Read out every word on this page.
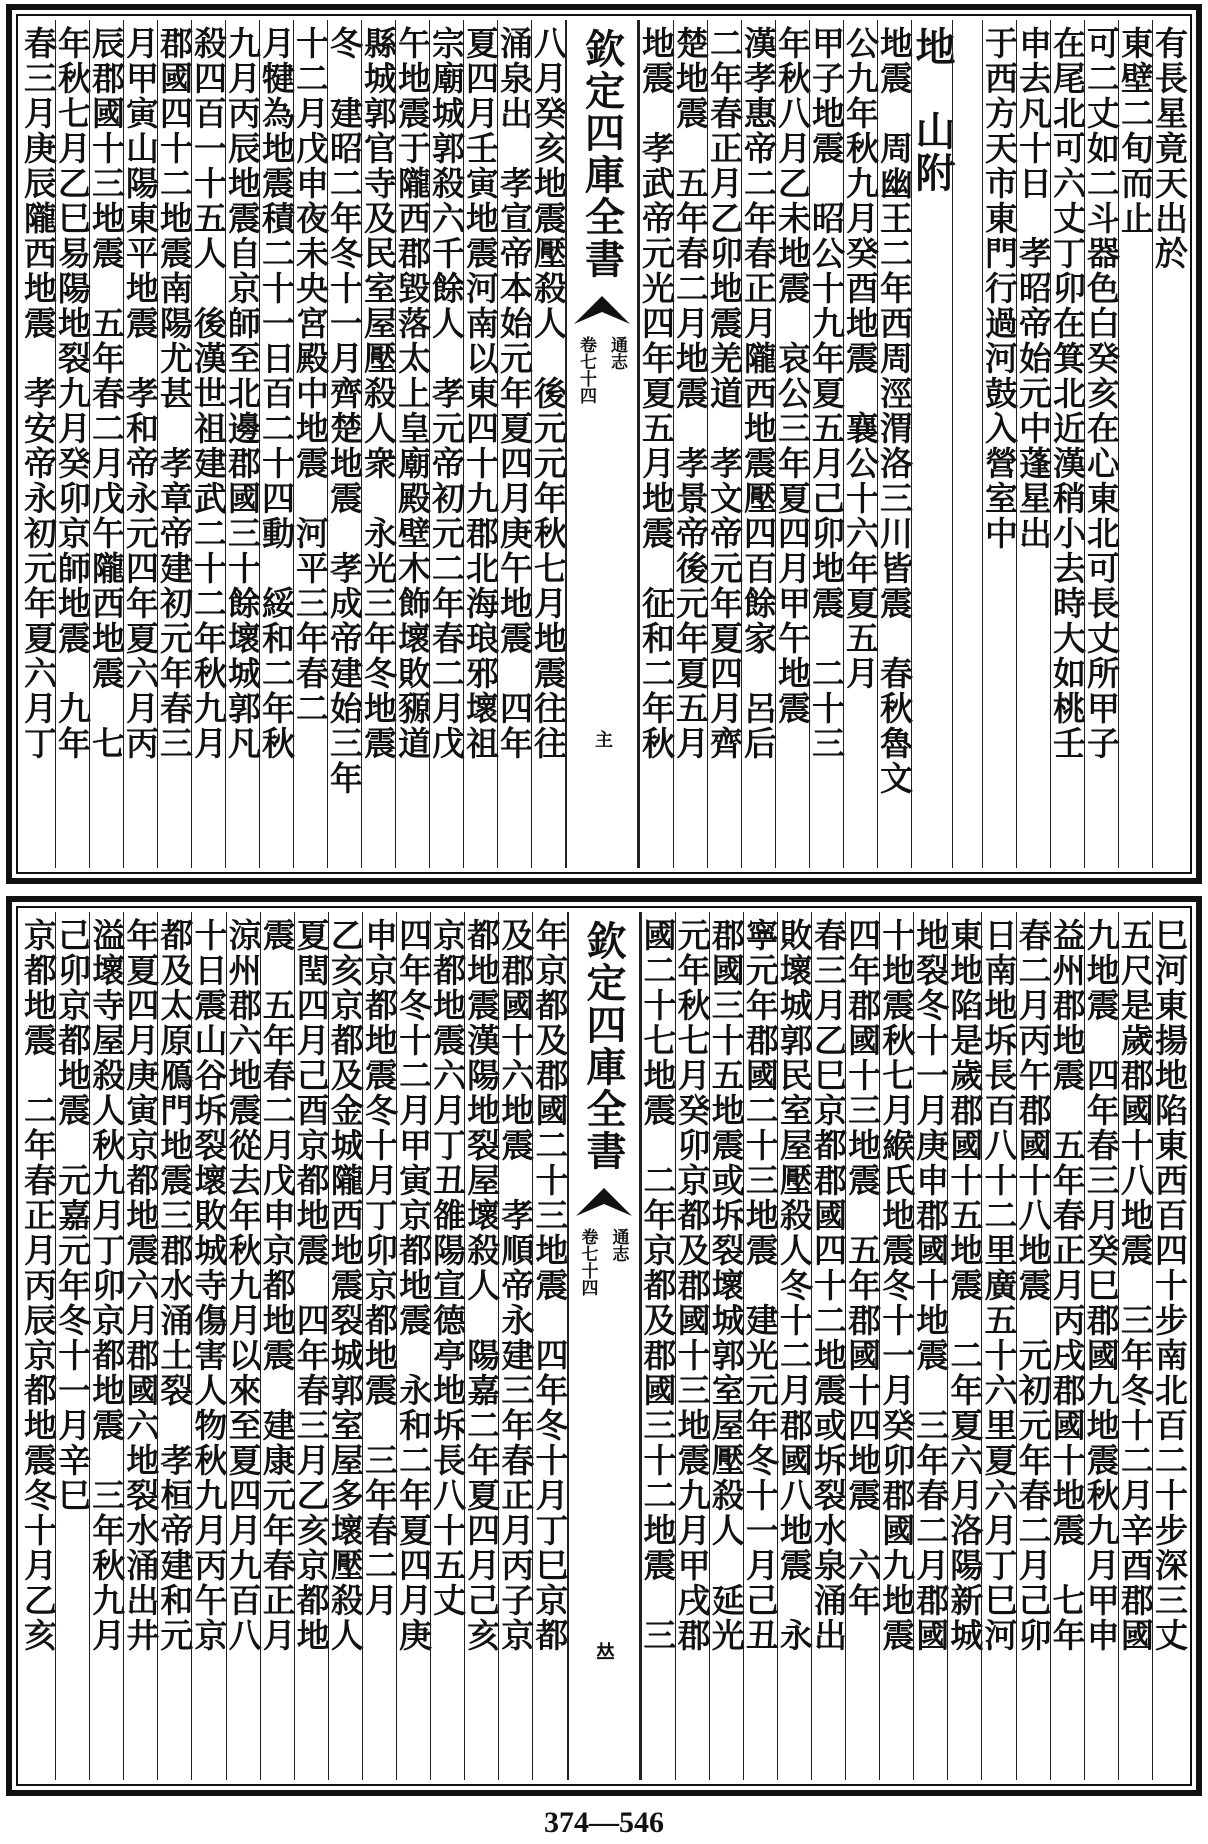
有長星竟天出於
東壁二旬而止
可二丈如二斗器色白癸亥在心東北可長丈所甲子
在尾北可六丈丁卯在箕北近漢稍小去時大如桃壬
申去凡十日　孝昭帝始元中蓬星出
于西方天市東門行過河鼓入營室中
地　山附
地震　周幽王二年西周涇渭洛三川皆震　春秋魯文
公九年秋九月癸酉地震　襄公十六年夏五月
甲子地震　昭公十九年夏五月己卯地震　二十三
年秋八月乙未地震　哀公三年夏四月甲午地震
漢孝惠帝二年春正月隴西地震壓四百餘家　呂后
二年春正月乙卯地震羌道　孝文帝元年夏四月齊
楚地震　五年春二月地震　孝景帝後元年夏五月
地震　孝武帝元光四年夏五月地震　征和二年秋
欽定四庫全書
通志
卷七十四
主
八月癸亥地震壓殺人　後元元年秋七月地震往往
涌泉出　孝宣帝本始元年夏四月庚午地震　四年
夏四月壬寅地震河南以東四十九郡北海琅邪壞祖
宗廟城郭殺六千餘人　孝元帝初元二年春二月戊
午地震于隴西郡毀落太上皇廟殿壁木飾壞敗豲道
縣城郭官寺及民室屋壓殺人衆　永光三年冬地震
冬　建昭二年冬十一月齊楚地震　孝成帝建始三年
十二月戊申夜未央宮殿中地震　河平三年春二
月犍為地震積二十一日百二十四動　綏和二年秋
九月丙辰地震自京師至北邊郡國三十餘壞城郭凡
殺四百一十五人　後漢世祖建武二十二年秋九月
郡國四十二地震南陽尤甚　孝章帝建初元年春三
月甲寅山陽東平地震　孝和帝永元四年夏六月丙
辰郡國十三地震　五年春二月戊午隴西地震　七
年秋七月乙巳易陽地裂九月癸卯京師地震　九年
春三月庚辰隴西地震　孝安帝永初元年夏六月丁
巳河東揚地陷東西百四十步南北百二十步深三丈
五尺是歲郡國十八地震　三年冬十二月辛酉郡國
九地震　四年春三月癸巳郡國九地震秋九月甲申
益州郡地震　五年春正月丙戌郡國十地震　七年
春二月丙午郡國十八地震　元初元年春二月己卯
日南地坼長百八十二里廣五十六里夏六月丁巳河
東地陷是歲郡國十五地震　二年夏六月洛陽新城
地裂冬十一月庚申郡國十地震　三年春二月郡國
十地震秋七月緱氏地震冬十一月癸卯郡國九地震
四年郡國十三地震　五年郡國十四地震　六年
春三月乙巳京都郡國四十二地震或坼裂水泉涌出
敗壞城郭民室屋壓殺人冬十二月郡國八地震　永
寧元年郡國二十三地震　建光元年冬十一月己丑
郡國三十五地震或坼裂壞城郭室屋壓殺人　延光
元年秋七月癸卯京都及郡國十三地震九月甲戌郡
國二十七地震　二年京都及郡國三十二地震　三
欽定四庫全書
通志
卷七十四
𠀤
年京都及郡國二十三地震　四年冬十月丁巳京都
及郡國十六地震　孝順帝永建三年春正月丙子京
都地震漢陽地裂屋壞殺人　陽嘉二年夏四月己亥
京都地震六月丁丑雒陽宣德亭地坼長八十五丈
四年冬十二月甲寅京都地震　永和二年夏四月庚
申京都地震冬十月丁卯京都地震　三年春二月
乙亥京都及金城隴西地震裂城郭室屋多壞壓殺人
夏閏四月己酉京都地震　四年春三月乙亥京都地
震　五年春二月戊申京都地震　建康元年春正月
涼州郡六地震從去年秋九月以來至夏四月九百八
十日震山谷坼裂壞敗城寺傷害人物秋九月丙午京
都及太原鴈門地震三郡水涌土裂　孝桓帝建和元
年夏四月庚寅京都地震六月郡國六地裂水涌出井
溢壞寺屋殺人秋九月丁卯京都地震　三年秋九月
己卯京都地震　元嘉元年冬十一月辛巳
京都地震　二年春正月丙辰京都地震冬十月乙亥
374—546
